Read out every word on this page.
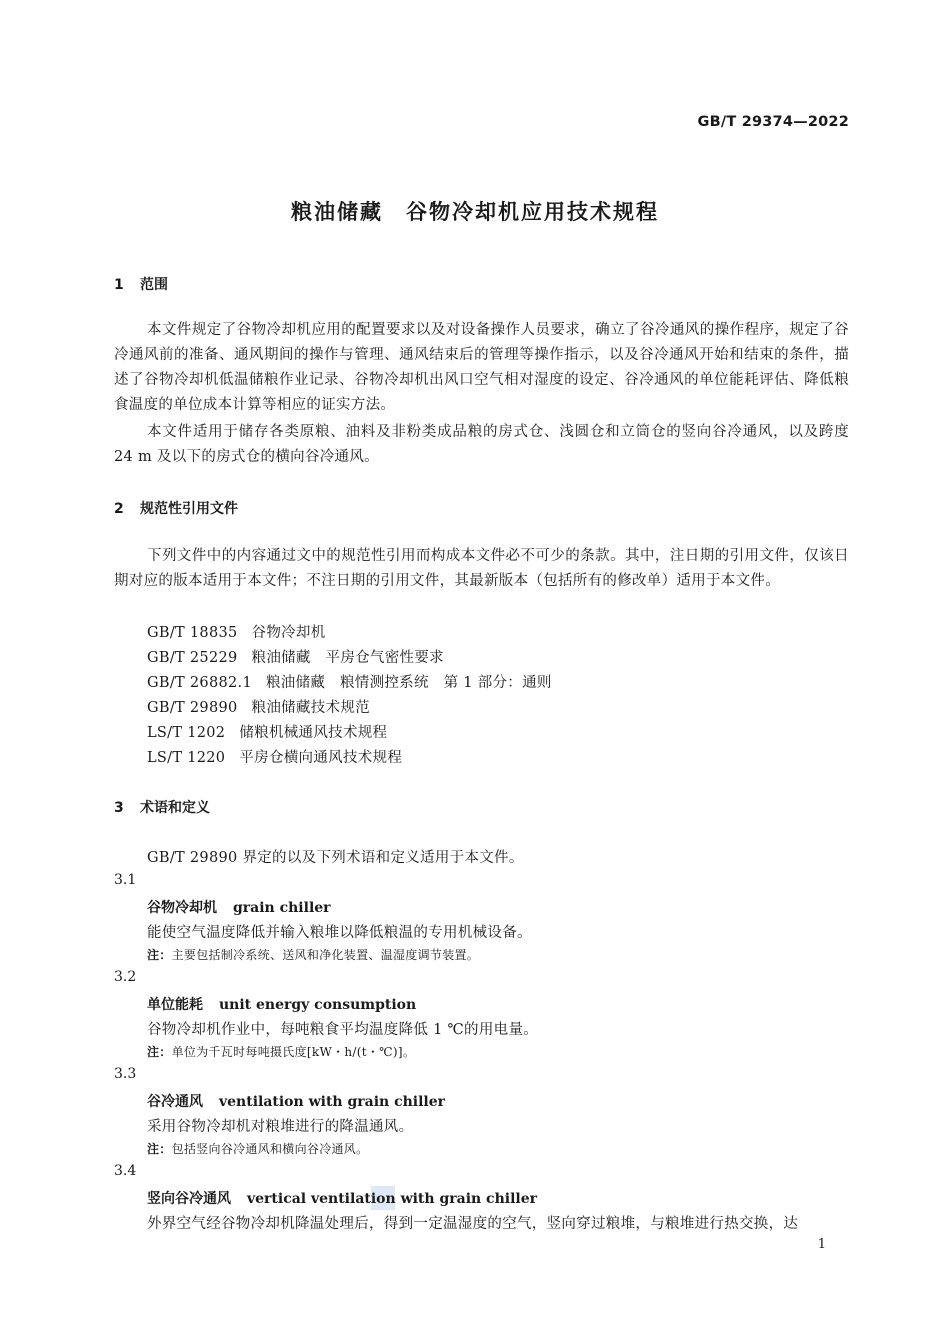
GB/T 29374—2022
粮油储藏　谷物冷却机应用技术规程
1 范围
本文件规定了谷物冷却机应用的配置要求以及对设备操作人员要求，确立了谷冷通风的操作程序，规定了谷冷通风前的准备、通风期间的操作与管理、通风结束后的管理等操作指示，以及谷冷通风开始和结束的条件，描述了谷物冷却机低温储粮作业记录、谷物冷却机出风口空气相对湿度的设定、谷冷通风的单位能耗评估、降低粮食温度的单位成本计算等相应的证实方法。
本文件适用于储存各类原粮、油料及非粉类成品粮的房式仓、浅圆仓和立筒仓的竖向谷冷通风，以及跨度 24 m 及以下的房式仓的横向谷冷通风。
2 规范性引用文件
下列文件中的内容通过文中的规范性引用而构成本文件必不可少的条款。其中，注日期的引用文件，仅该日期对应的版本适用于本文件；不注日期的引用文件，其最新版本（包括所有的修改单）适用于本文件。
GB/T 18835 谷物冷却机
GB/T 25229 粮油储藏　平房仓气密性要求
GB/T 26882.1 粮油储藏　粮情测控系统　第 1 部分：通则
GB/T 29890 粮油储藏技术规范
LS/T 1202 储粮机械通风技术规程
LS/T 1220 平房仓横向通风技术规程
3 术语和定义
GB/T 29890 界定的以及下列术语和定义适用于本文件。
3.1
谷物冷却机 grain chiller
能使空气温度降低并输入粮堆以降低粮温的专用机械设备。
注：主要包括制冷系统、送风和净化装置、温湿度调节装置。
3.2
单位能耗 unit energy consumption
谷物冷却机作业中，每吨粮食平均温度降低 1 ℃的用电量。
注：单位为千瓦时每吨摄氏度[kW・h/(t・℃)]。
3.3
谷冷通风 ventilation with grain chiller
采用谷物冷却机对粮堆进行的降温通风。
注：包括竖向谷冷通风和横向谷冷通风。
3.4
竖向谷冷通风 vertical ventilation with grain chiller
外界空气经谷物冷却机降温处理后，得到一定温湿度的空气，竖向穿过粮堆，与粮堆进行热交换，达
1
